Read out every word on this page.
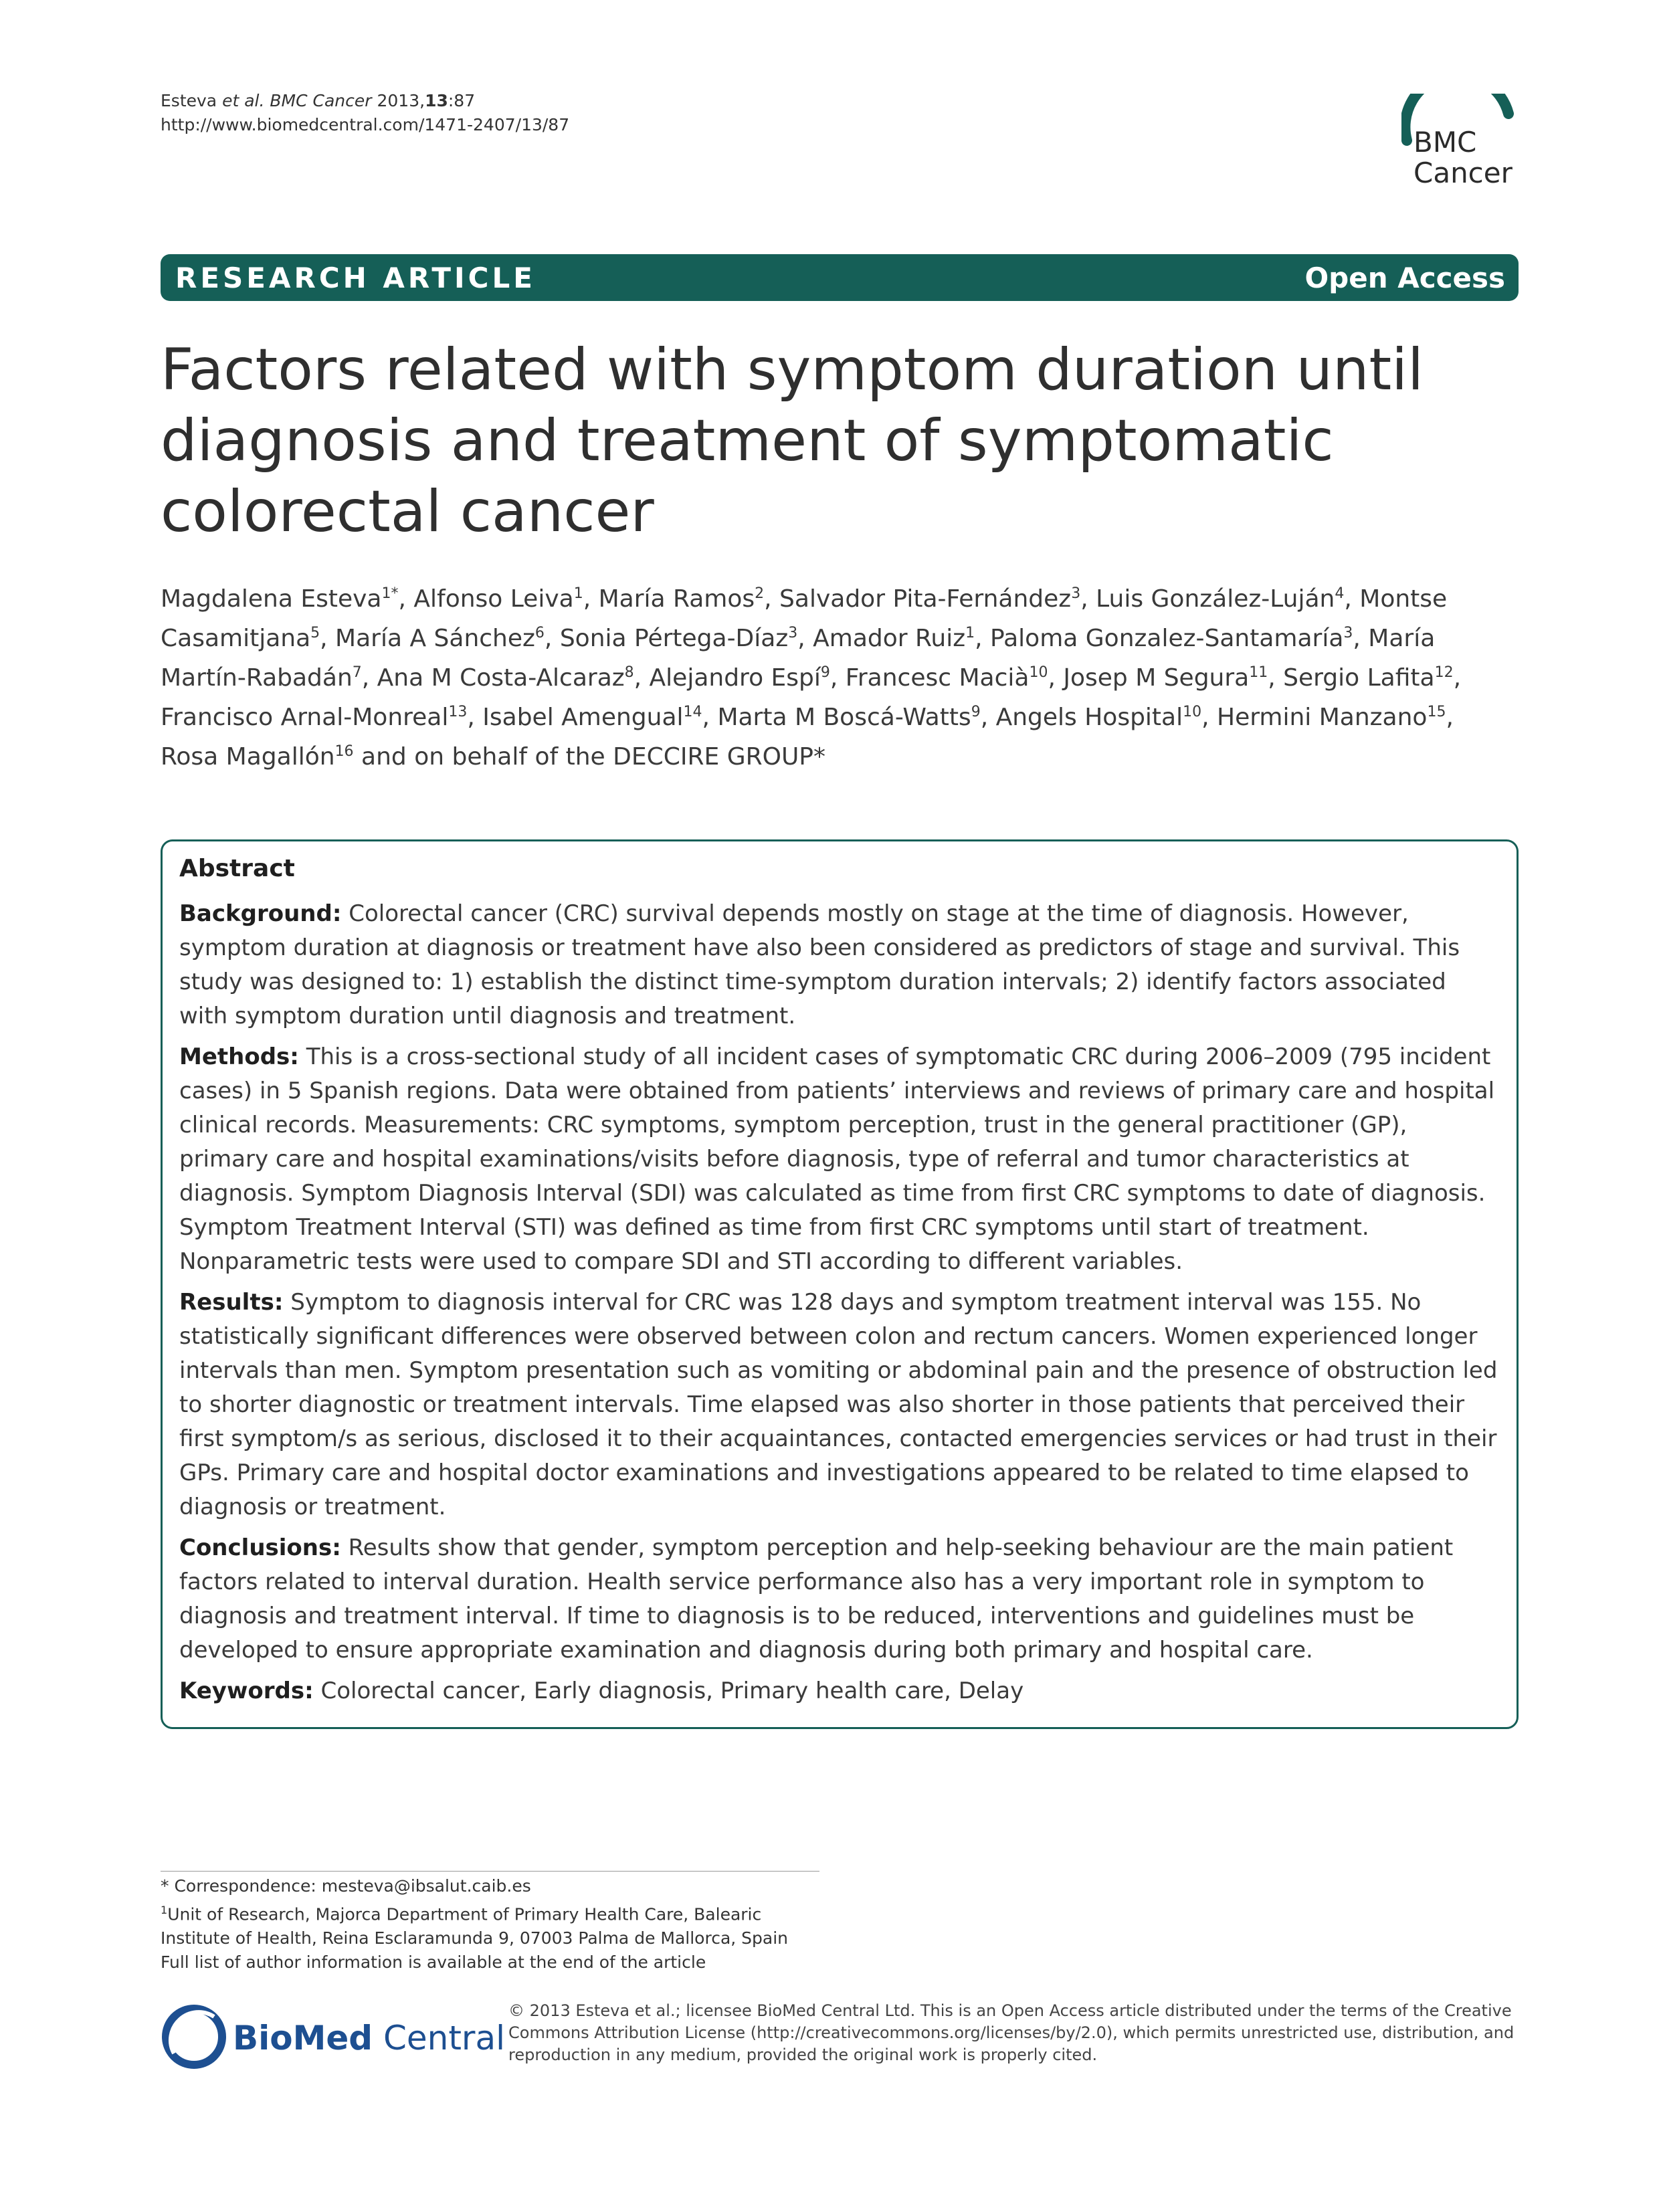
Esteva et al. BMC Cancer 2013,13:87
http://www.biomedcentral.com/1471-2407/13/87
BMC
Cancer
RESEARCH ARTICLE	Open Access
Factors related with symptom duration until diagnosis and treatment of symptomatic colorectal cancer
Magdalena Esteva$^{1*}$, Alfonso Leiva$^1$, María Ramos$^2$, Salvador Pita-Fernández$^3$, Luis González-Luján$^4$, Montse Casamitjana$^5$, María A Sánchez$^6$, Sonia Pértega-Díaz$^3$, Amador Ruiz$^1$, Paloma Gonzalez-Santamaría$^3$, María Martín-Rabadán$^7$, Ana M Costa-Alcaraz$^8$, Alejandro Espí$^9$, Francesc Macià$^{10}$, Josep M Segura$^{11}$, Sergio Lafita$^{12}$, Francisco Arnal-Monreal$^{13}$, Isabel Amengual$^{14}$, Marta M Boscá-Watts$^9$, Angels Hospital$^{10}$, Hermini Manzano$^{15}$, Rosa Magallón$^{16}$ and on behalf of the DECCIRE GROUP*
Abstract

Background: Colorectal cancer (CRC) survival depends mostly on stage at the time of diagnosis. However, symptom duration at diagnosis or treatment have also been considered as predictors of stage and survival. This study was designed to: 1) establish the distinct time-symptom duration intervals; 2) identify factors associated with symptom duration until diagnosis and treatment.

Methods: This is a cross-sectional study of all incident cases of symptomatic CRC during 2006–2009 (795 incident cases) in 5 Spanish regions. Data were obtained from patients’ interviews and reviews of primary care and hospital clinical records. Measurements: CRC symptoms, symptom perception, trust in the general practitioner (GP), primary care and hospital examinations/visits before diagnosis, type of referral and tumor characteristics at diagnosis. Symptom Diagnosis Interval (SDI) was calculated as time from first CRC symptoms to date of diagnosis. Symptom Treatment Interval (STI) was defined as time from first CRC symptoms until start of treatment. Nonparametric tests were used to compare SDI and STI according to different variables.

Results: Symptom to diagnosis interval for CRC was 128 days and symptom treatment interval was 155. No statistically significant differences were observed between colon and rectum cancers. Women experienced longer intervals than men. Symptom presentation such as vomiting or abdominal pain and the presence of obstruction led to shorter diagnostic or treatment intervals. Time elapsed was also shorter in those patients that perceived their first symptom/s as serious, disclosed it to their acquaintances, contacted emergencies services or had trust in their GPs. Primary care and hospital doctor examinations and investigations appeared to be related to time elapsed to diagnosis or treatment.

Conclusions: Results show that gender, symptom perception and help-seeking behaviour are the main patient factors related to interval duration. Health service performance also has a very important role in symptom to diagnosis and treatment interval. If time to diagnosis is to be reduced, interventions and guidelines must be developed to ensure appropriate examination and diagnosis during both primary and hospital care.

Keywords: Colorectal cancer, Early diagnosis, Primary health care, Delay

* Correspondence: mesteva@ibsalut.caib.es
$^1$Unit of Research, Majorca Department of Primary Health Care, Balearic Institute of Health, Reina Esclaramunda 9, 07003 Palma de Mallorca, Spain
Full list of author information is available at the end of the article
BioMed Central
© 2013 Esteva et al.; licensee BioMed Central Ltd. This is an Open Access article distributed under the terms of the Creative Commons Attribution License (http://creativecommons.org/licenses/by/2.0), which permits unrestricted use, distribution, and reproduction in any medium, provided the original work is properly cited.
